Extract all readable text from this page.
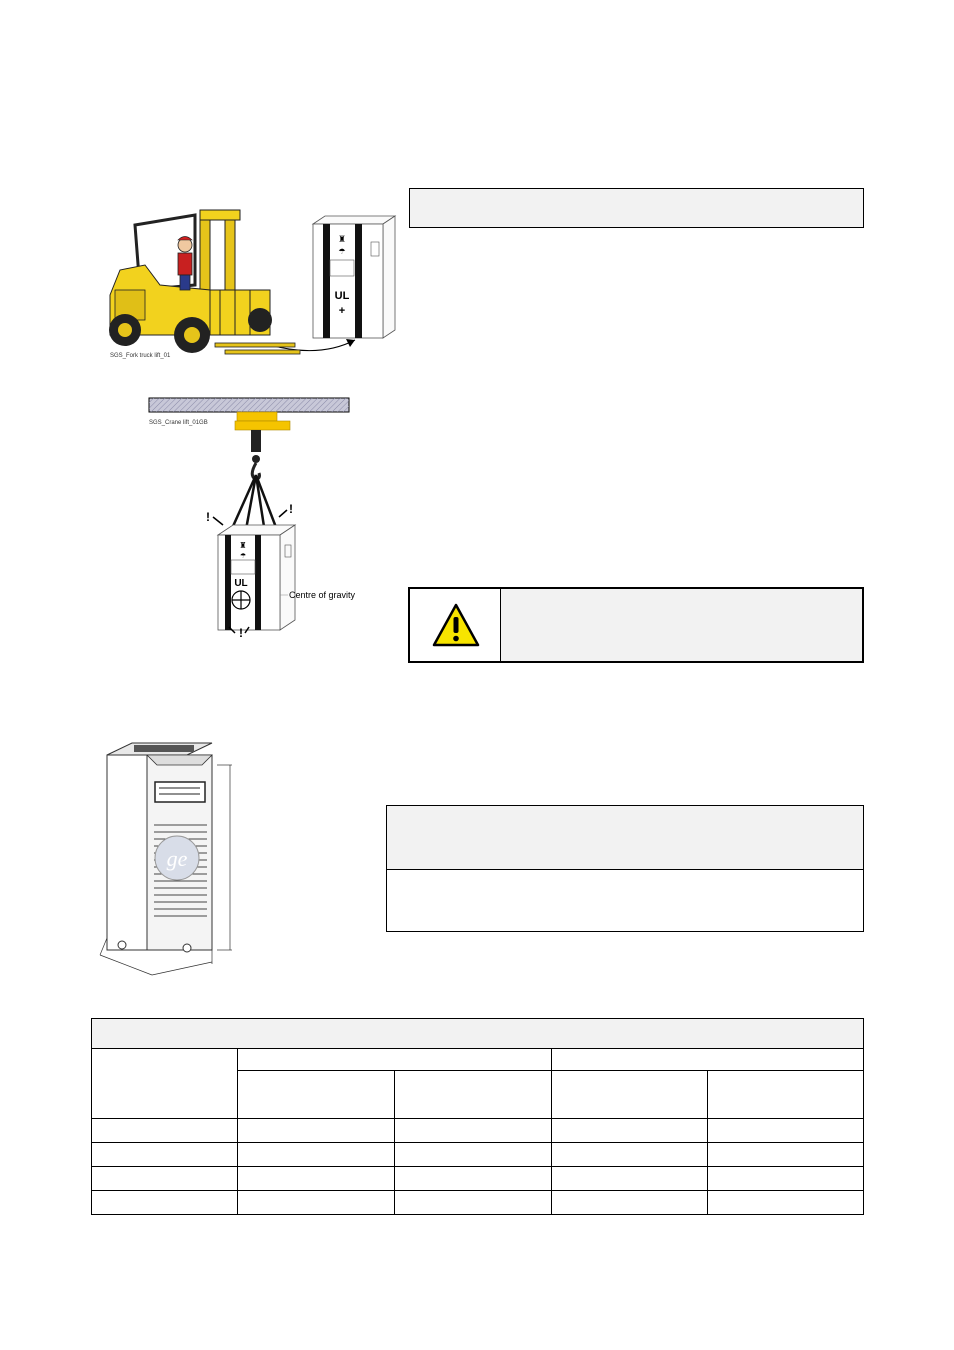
SGS_Fork truck lift_01
♜
☂
UL
+
SGS_Crane lift_01GB
♜
☂
UL
!
!
!
Centre of gravity
ge
